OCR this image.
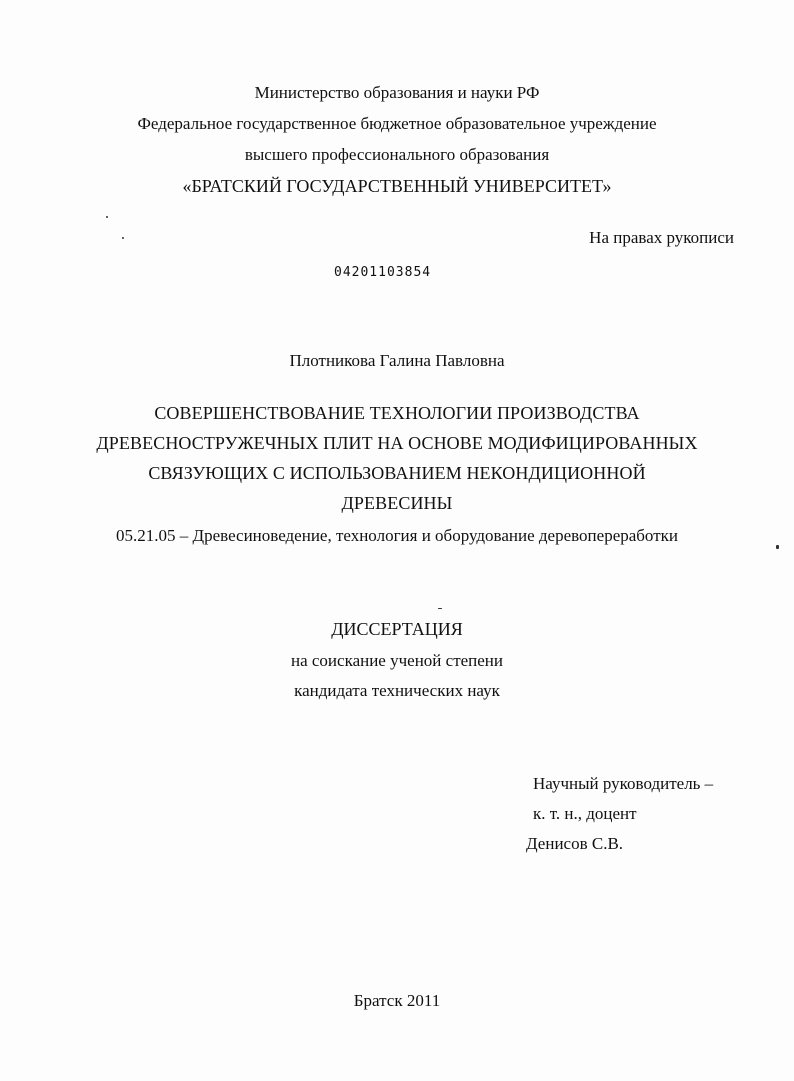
Министерство образования и науки РФ
Федеральное государственное бюджетное образовательное учреждение
высшего профессионального образования
«БРАТСКИЙ ГОСУДАРСТВЕННЫЙ УНИВЕРСИТЕТ»
На правах рукописи
04201103854
Плотникова Галина Павловна
СОВЕРШЕНСТВОВАНИЕ ТЕХНОЛОГИИ ПРОИЗВОДСТВА
ДРЕВЕСНОСТРУЖЕЧНЫХ ПЛИТ НА ОСНОВЕ МОДИФИЦИРОВАННЫХ
СВЯЗУЮЩИХ С ИСПОЛЬЗОВАНИЕМ НЕКОНДИЦИОННОЙ
ДРЕВЕСИНЫ
05.21.05 – Древесиноведение, технология и оборудование деревопереработки
ДИССЕРТАЦИЯ
на соискание ученой степени
кандидата технических наук
Научный руководитель –
к. т. н., доцент
Денисов С.В.
Братск 2011
